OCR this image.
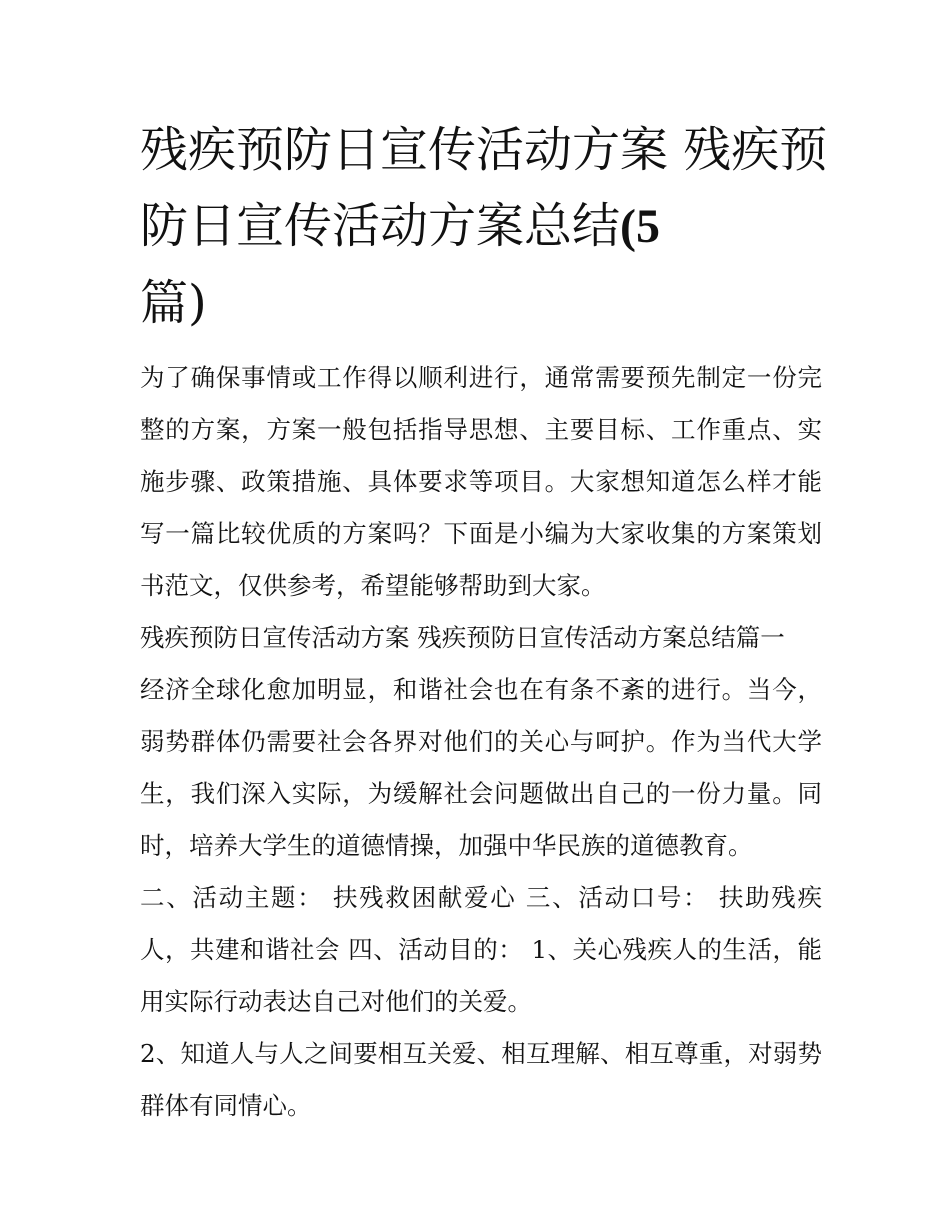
残疾预防日宣传活动方案 残疾预防日宣传活动方案总结(5
篇)

为了确保事情或工作得以顺利进行，通常需要预先制定一份完整的方案，方案一般包括指导思想、主要目标、工作重点、实施步骤、政策措施、具体要求等项目。大家想知道怎么样才能写一篇比较优质的方案吗？下面是小编为大家收集的方案策划书范文，仅供参考，希望能够帮助到大家。

残疾预防日宣传活动方案 残疾预防日宣传活动方案总结篇一

经济全球化愈加明显，和谐社会也在有条不紊的进行。当今，弱势群体仍需要社会各界对他们的关心与呵护。作为当代大学生，我们深入实际，为缓解社会问题做出自己的一份力量。同时，培养大学生的道德情操，加强中华民族的道德教育。

二、活动主题： 扶残救困献爱心 三、活动口号： 扶助残疾人，共建和谐社会 四、活动目的： 1、关心残疾人的生活，能用实际行动表达自己对他们的关爱。

2、知道人与人之间要相互关爱、相互理解、相互尊重，对弱势群体有同情心。
